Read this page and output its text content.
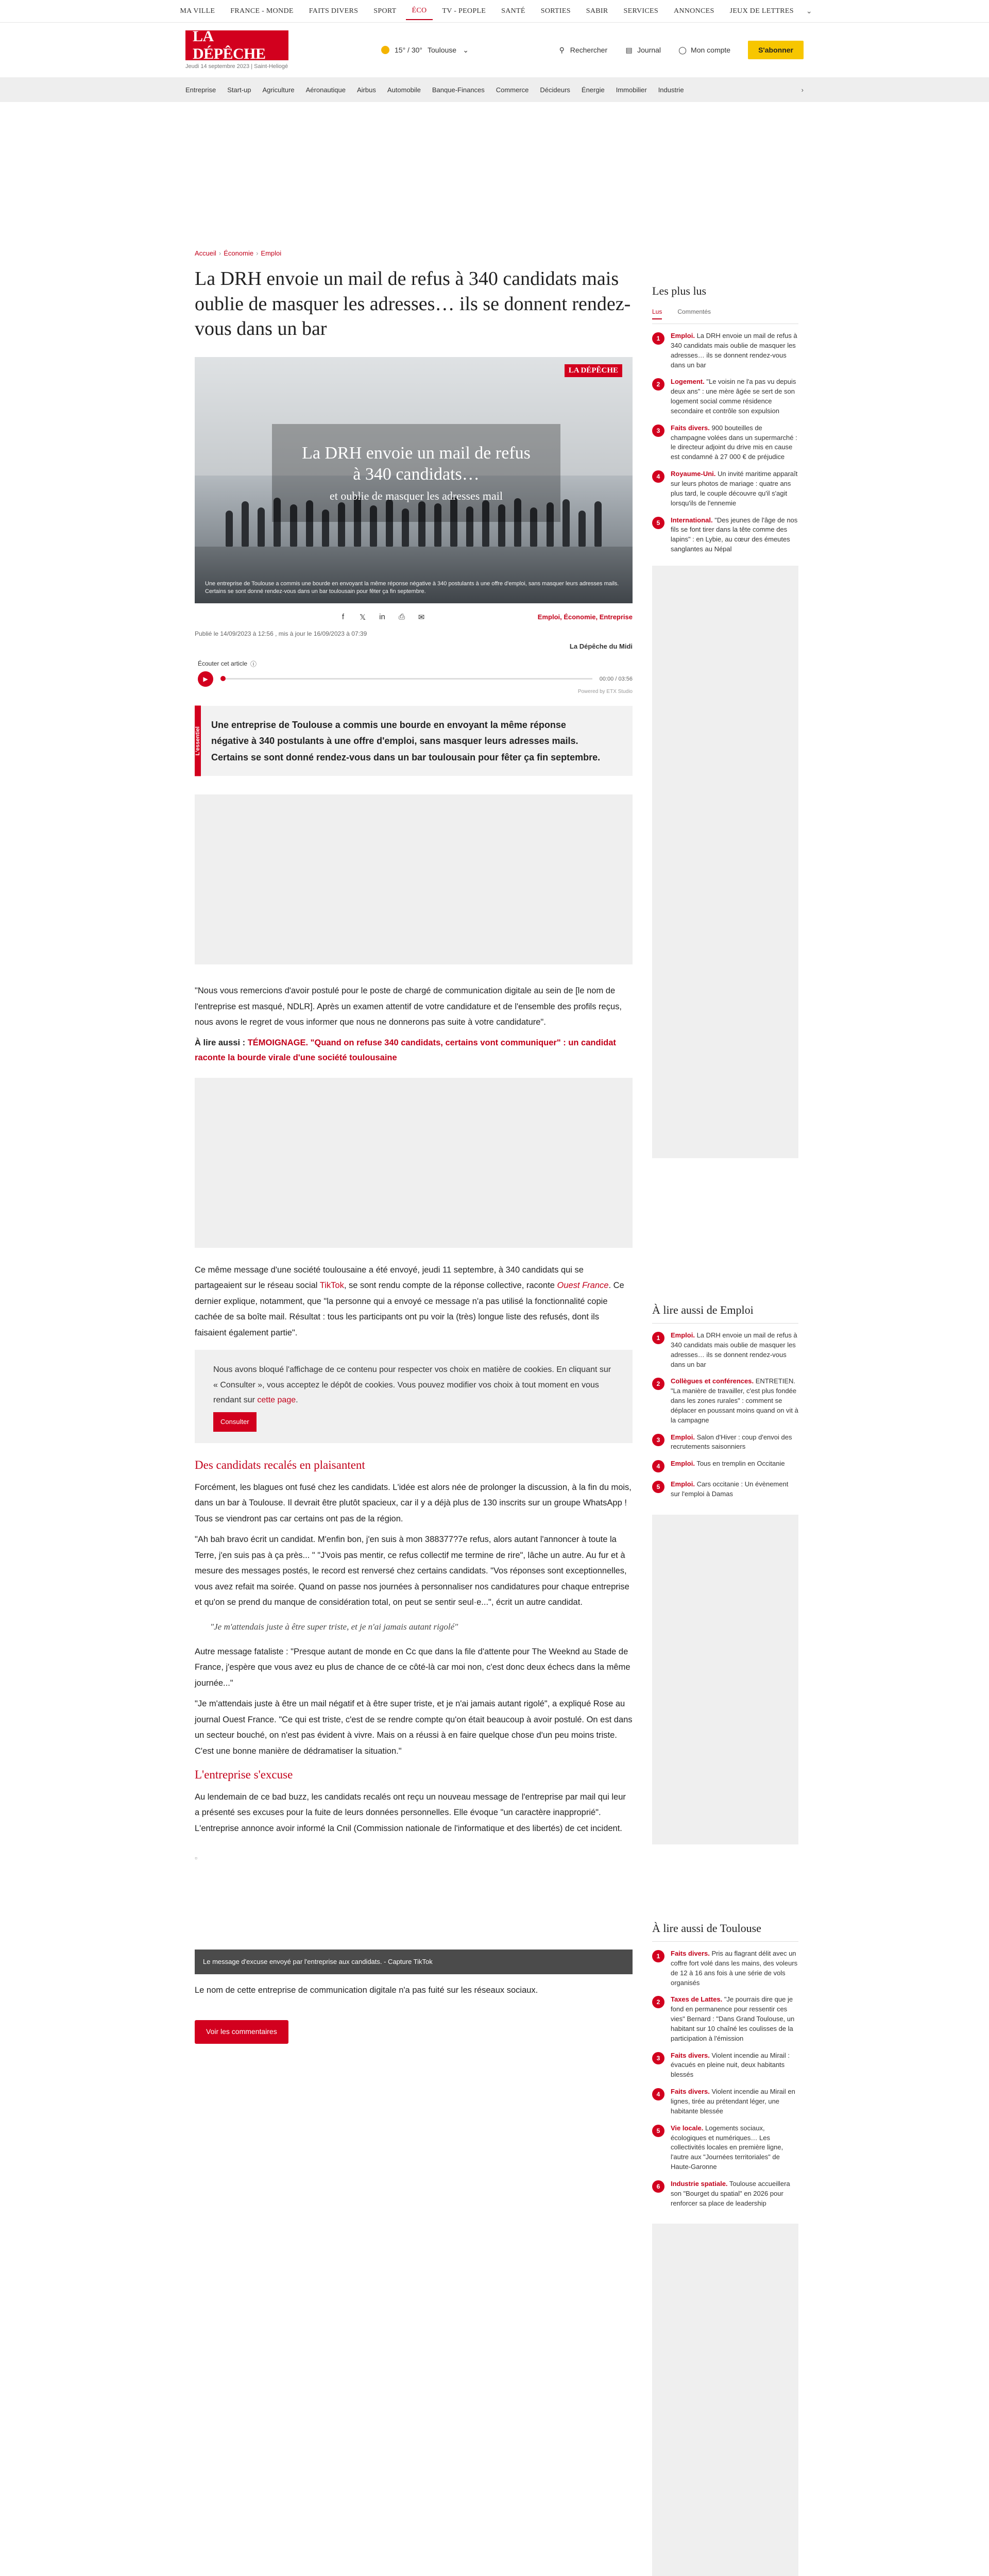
MA VILLE	FRANCE - MONDE	FAITS DIVERS	SPORT	ÉCO	TV - PEOPLE	SANTÉ	SORTIES	SABIR	SERVICES	ANNONCES	JEUX DE LETTRES	⌄
LA DÉPÊCHE
Jeudi 14 septembre 2023 | Saint-Heliogé
15° / 30° Toulouse ⌄	⚲ Rechercher	▤ Journal ◯ Mon compte	S'abonner
Entreprise Start-up Agriculture Aéronautique Airbus Automobile Banque-Finances Commerce Décideurs Énergie Immobilier Industrie	›
Accueil › Économie › Emploi
La DRH envoie un mail de refus à 340 candidats mais oublie de masquer les adresses… ils se donnent rendez-vous dans un bar
LA DÉPÊCHE
La DRH envoie un mail de refus
à 340 candidats…
et oublie de masquer les adresses mail
Une entreprise de Toulouse a commis une bourde en envoyant la même réponse négative à 340 postulants à une offre d'emploi, sans masquer leurs adresses mails. Certains se sont donné rendez-vous dans un bar toulousain pour fêter ça fin septembre.
f	𝕏 in ⎙ ✉	Emploi, Économie, Entreprise
Publié le 14/09/2023 à 12:56 , mis à jour le 16/09/2023 à 07:39
La Dépêche du Midi
Écouter cet article ⓘ
▶	00:00 / 03:56
Powered by ETX Studio
L'essentiel
Une entreprise de Toulouse a commis une bourde en envoyant la même réponse négative à 340 postulants à une offre d'emploi, sans masquer leurs adresses mails. Certains se sont donné rendez-vous dans un bar toulousain pour fêter ça fin septembre.

"Nous vous remercions d'avoir postulé pour le poste de chargé de communication digitale au sein de [le nom de l'entreprise est masqué, NDLR]. Après un examen attentif de votre candidature et de l'ensemble des profils reçus, nous avons le regret de vous informer que nous ne donnerons pas suite à votre candidature".

À lire aussi : TÉMOIGNAGE. "Quand on refuse 340 candidats, certains vont communiquer" : un candidat raconte la bourde virale d'une société toulousaine

Ce même message d'une société toulousaine a été envoyé, jeudi 11 septembre, à 340 candidats qui se partageaient sur le réseau social TikTok, se sont rendu compte de la réponse collective, raconte Ouest France. Ce dernier explique, notamment, que "la personne qui a envoyé ce message n'a pas utilisé la fonctionnalité copie cachée de sa boîte mail. Résultat : tous les participants ont pu voir la (très) longue liste des refusés, dont ils faisaient également partie".

Nous avons bloqué l'affichage de ce contenu pour respecter vos choix en matière de cookies. En cliquant sur « Consulter », vous acceptez le dépôt de cookies. Vous pouvez modifier vos choix à tout moment en vous rendant sur cette page.
Consulter
Des candidats recalés en plaisantent

Forcément, les blagues ont fusé chez les candidats. L'idée est alors née de prolonger la discussion, à la fin du mois, dans un bar à Toulouse. Il devrait être plutôt spacieux, car il y a déjà plus de 130 inscrits sur un groupe WhatsApp ! Tous se viendront pas car certains ont pas de la région.

"Ah bah bravo écrit un candidat. M'enfin bon, j'en suis à mon 388377?7e refus, alors autant l'annoncer à toute la Terre, j'en suis pas à ça près... " "J'vois pas mentir, ce refus collectif me termine de rire", lâche un autre. Au fur et à mesure des messages postés, le record est renversé chez certains candidats. "Vos réponses sont exceptionnelles, vous avez refait ma soirée. Quand on passe nos journées à personnaliser nos candidatures pour chaque entreprise et qu'on se prend du manque de considération total, on peut se sentir seul·e...", écrit un autre candidat.

"Je m'attendais juste à être super triste, et je n'ai jamais autant rigolé"

Autre message fataliste : "Presque autant de monde en Cc que dans la file d'attente pour The Weeknd au Stade de France, j'espère que vous avez eu plus de chance de ce côté-là car moi non, c'est donc deux échecs dans la même journée..."

"Je m'attendais juste à être un mail négatif et à être super triste, et je n'ai jamais autant rigolé", a expliqué Rose au journal Ouest France. "Ce qui est triste, c'est de se rendre compte qu'on était beaucoup à avoir postulé. On est dans un secteur bouché, on n'est pas évident à vivre. Mais on a réussi à en faire quelque chose d'un peu moins triste. C'est une bonne manière de dédramatiser la situation."

L'entreprise s'excuse

Au lendemain de ce bad buzz, les candidats recalés ont reçu un nouveau message de l'entreprise par mail qui leur a présenté ses excuses pour la fuite de leurs données personnelles. Elle évoque "un caractère inapproprié". L'entreprise annonce avoir informé la Cnil (Commission nationale de l'informatique et des libertés) de cet incident.

▫
Le message d'excuse envoyé par l'entreprise aux candidats. - Capture TikTok

Le nom de cette entreprise de communication digitale n'a pas fuité sur les réseaux sociaux.

Voir les commentaires
Les plus lus
Lus	Commentés
1	Emploi. La DRH envoie un mail de refus à 340 candidats mais oublie de masquer les adresses… ils se donnent rendez-vous dans un bar
2	Logement. "Le voisin ne l'a pas vu depuis deux ans" : une mère âgée se sert de son logement social comme résidence secondaire et contrôle son expulsion
3	Faits divers. 900 bouteilles de champagne volées dans un supermarché : le directeur adjoint du drive mis en cause est condamné à 27 000 € de préjudice
4	Royaume-Uni. Un invité maritime apparaît sur leurs photos de mariage : quatre ans plus tard, le couple découvre qu'il s'agit lorsqu'ils de l'ennemie
5	International. "Des jeunes de l'âge de nos fils se font tirer dans la tête comme des lapins" : en Lybie, au cœur des émeutes sanglantes au Népal
À lire aussi de Emploi
1	Emploi. La DRH envoie un mail de refus à 340 candidats mais oublie de masquer les adresses… ils se donnent rendez-vous dans un bar
2	Collègues et conférences. ENTRETIEN. "La manière de travailler, c'est plus fondée dans les zones rurales" : comment se déplacer en poussant moins quand on vit à la campagne
3	Emploi. Salon d'Hiver : coup d'envoi des recrutements saisonniers
4	Emploi. Tous en tremplin en Occitanie
5	Emploi. Cars occitanie : Un évènement sur l'emploi à Damas
À lire aussi de Toulouse
1	Faits divers. Pris au flagrant délit avec un coffre fort volé dans les mains, des voleurs de 12 à 16 ans fois à une série de vols organisés
2	Taxes de Lattes. "Je pourrais dire que je fond en permanence pour ressentir ces vies" Bernard : "Dans Grand Toulouse, un habitant sur 10 chaîné les coulisses de la participation à l'émission
3	Faits divers. Violent incendie au Mirail : évacués en pleine nuit, deux habitants blessés
4	Faits divers. Violent incendie au Mirail en lignes, tirée au prétendant léger, une habitante blessée
5	Vie locale. Logements sociaux, écologiques et numériques… Les collectivités locales en première ligne, l'autre aux "Journées territoriales" de Haute-Garonne
6	Industrie spatiale. Toulouse accueillera son "Bourget du spatial" en 2026 pour renforcer sa place de leadership
